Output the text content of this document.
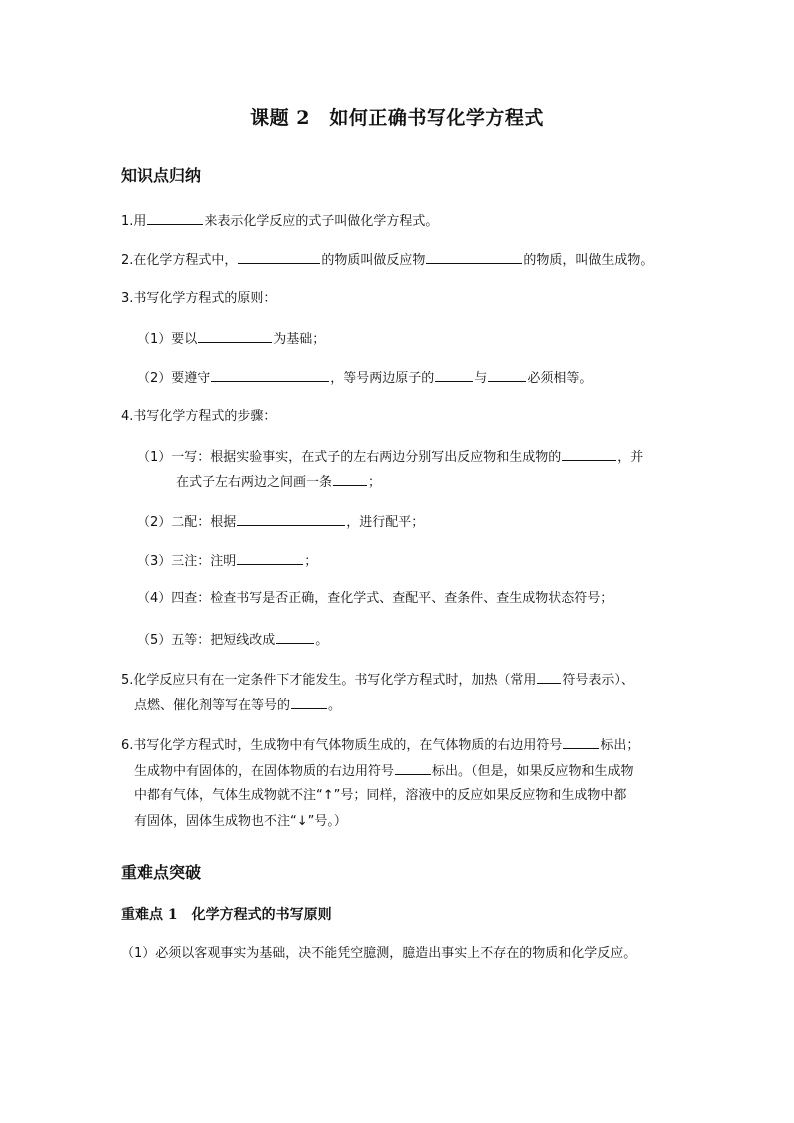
课题 2　如何正确书写化学方程式
知识点归纳
1.用	来表示化学反应的式子叫做化学方程式。
2.在化学方程式中，	的物质叫做反应物	的物质，叫做生成物。
3.书写化学方程式的原则：
（1）要以	为基础；
（2）要遵守	，等号两边原子的	与	必须相等。
4.书写化学方程式的步骤：
（1）一写：根据实验事实，在式子的左右两边分别写出反应物和生成物的	，并
在式子左右两边之间画一条	；
（2）二配：根据	，进行配平；
（3）三注：注明	；
（4）四查：检查书写是否正确，查化学式、查配平、查条件、查生成物状态符号；
（5）五等：把短线改成	。
5.化学反应只有在一定条件下才能发生。书写化学方程式时，加热（常用 符号表示）、
点燃、催化剂等写在等号的	。
6.书写化学方程式时，生成物中有气体物质生成的，在气体物质的右边用符号	标出；
生成物中有固体的，在固体物质的右边用符号	标出。（但是，如果反应物和生成物
中都有气体，气体生成物就不注“↑”号；同样，溶液中的反应如果反应物和生成物中都
有固体，固体生成物也不注“↓”号。）
重难点突破
重难点 1　化学方程式的书写原则
（1）必须以客观事实为基础，决不能凭空臆测，臆造出事实上不存在的物质和化学反应。
